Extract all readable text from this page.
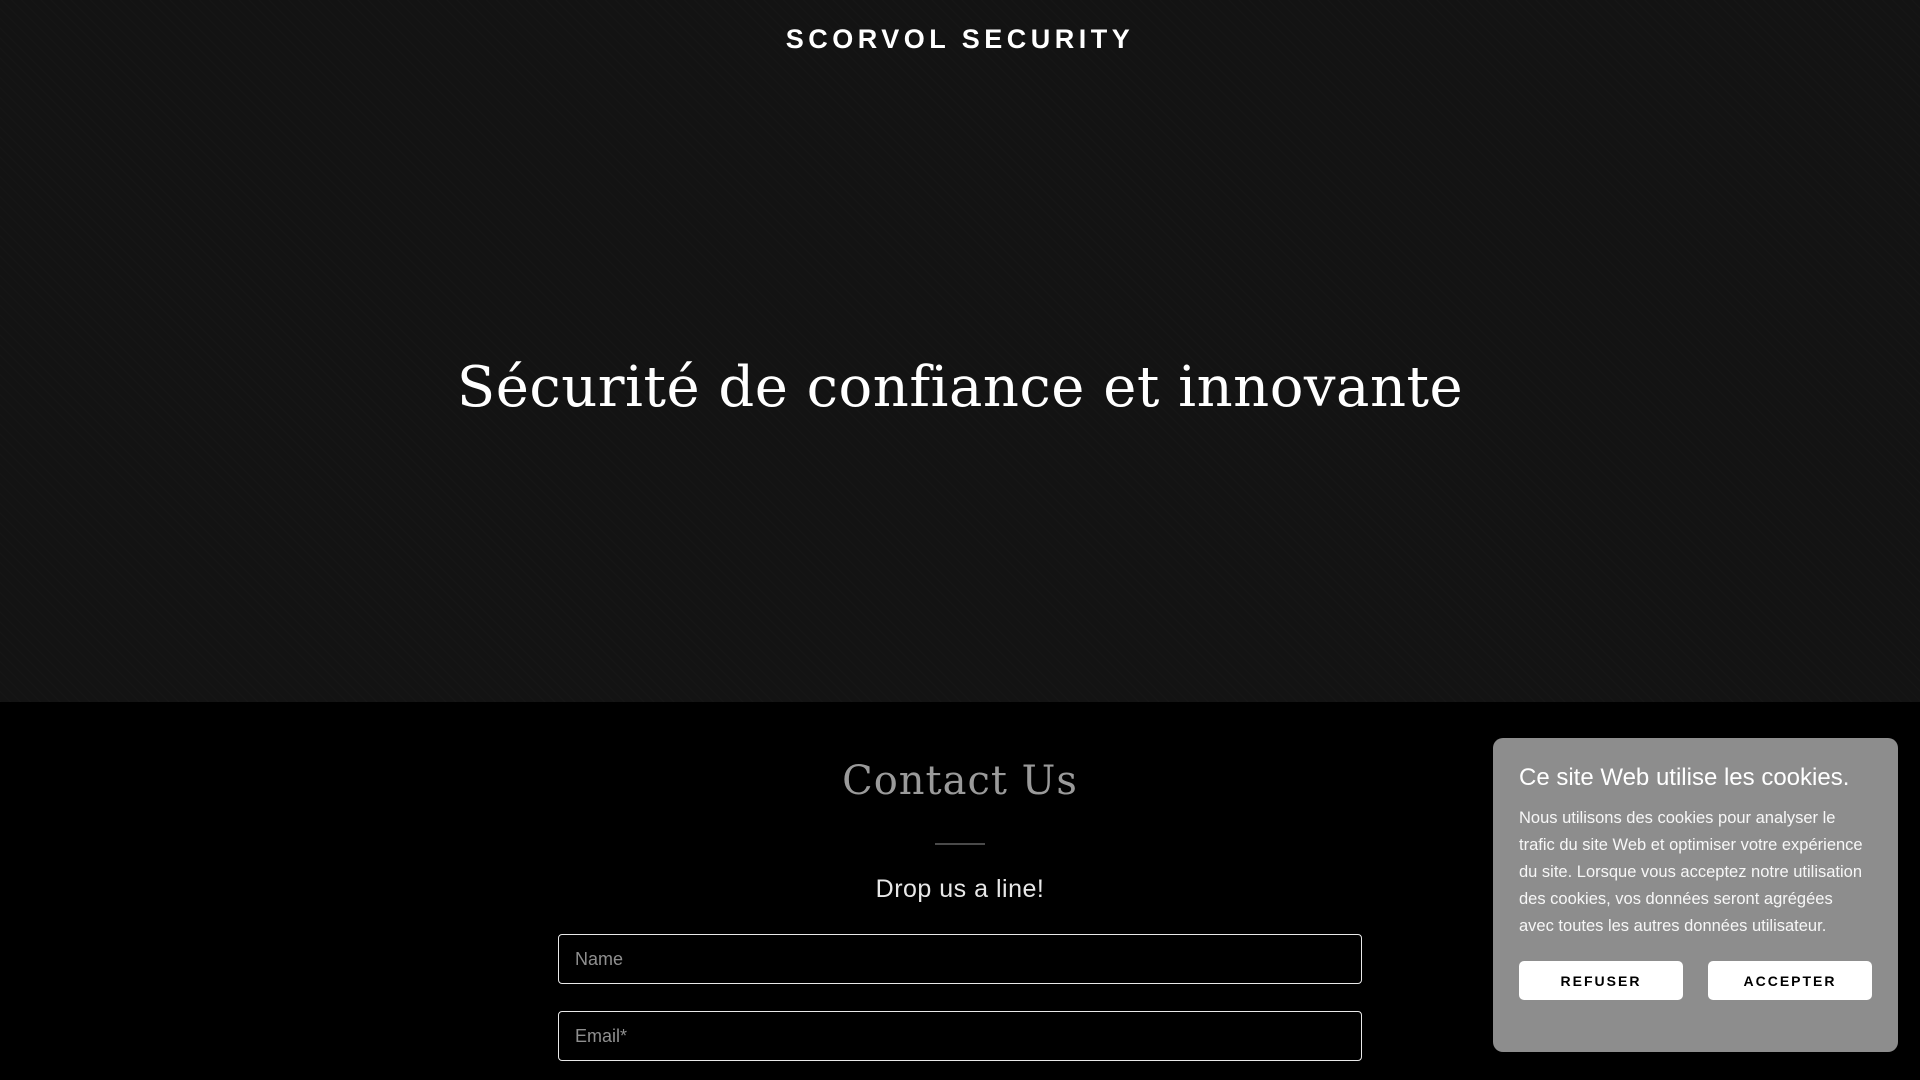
SCORVOL SECURITY
Sécurité de confiance et innovante
Contact Us
Drop us a line!
Name
Email*
Ce site Web utilise les cookies.

Nous utilisons des cookies pour analyser le trafic du site Web et optimiser votre expérience du site. Lorsque vous acceptez notre utilisation des cookies, vos données seront agrégées avec toutes les autres données utilisateur.

REFUSER	ACCEPTER
